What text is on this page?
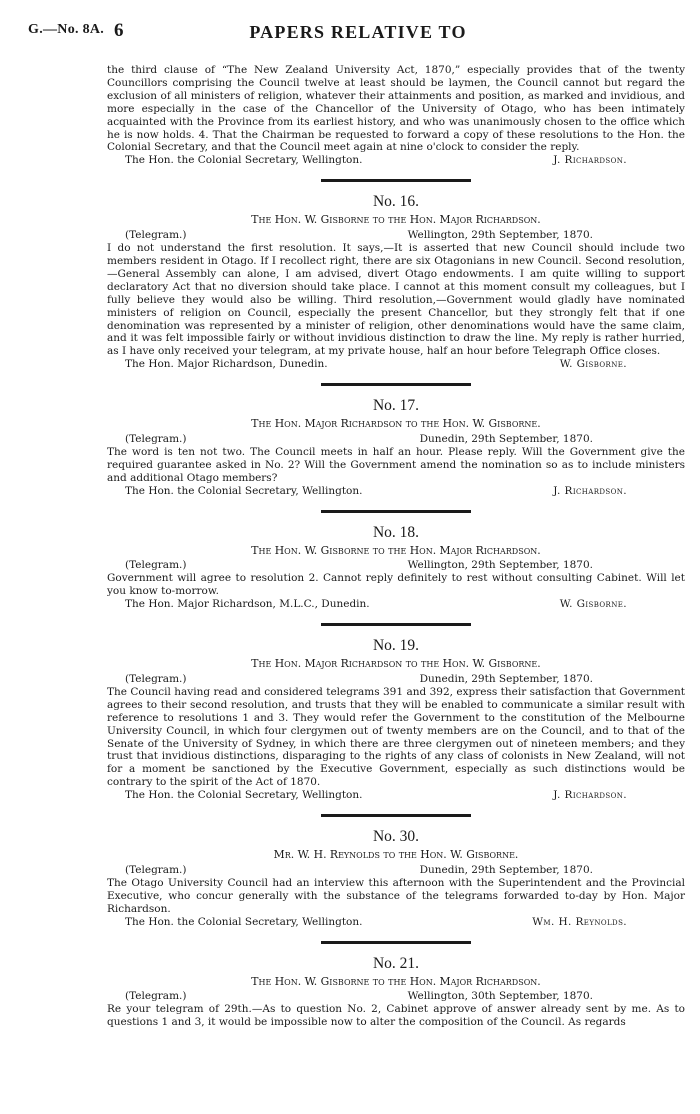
G.—No. 8A. 6	PAPERS RELATIVE TO

the third clause of “The New Zealand University Act, 1870,” especially provides that of the twenty Councillors comprising the Council twelve at least should be laymen, the Council cannot but regard the exclusion of all ministers of religion, whatever their attainments and position, as marked and invidious, and more especially in the case of the Chancellor of the University of Otago, who has been intimately acquainted with the Province from its earliest history, and who was unanimously chosen to the office which he is now holds. 4. That the Chairman be requested to forward a copy of these resolutions to the Hon. the Colonial Secretary, and that the Council meet again at nine o'clock to consider the reply.

The Hon. the Colonial Secretary, Wellington.	J. Richardson.
No. 16.
The Hon. W. Gisborne to the Hon. Major Richardson.
(Telegram.)	Wellington, 29th September, 1870.

I do not understand the first resolution. It says,—It is asserted that new Council should include two members resident in Otago. If I recollect right, there are six Otagonians in new Council. Second resolution,—General Assembly can alone, I am advised, divert Otago endowments. I am quite willing to support declaratory Act that no diversion should take place. I cannot at this moment consult my colleagues, but I fully believe they would also be willing. Third resolution,—Government would gladly have nominated ministers of religion on Council, especially the present Chancellor, but they strongly felt that if one denomination was represented by a minister of religion, other denominations would have the same claim, and it was felt impossible fairly or without invidious distinction to draw the line. My reply is rather hurried, as I have only received your telegram, at my private house, half an hour before Telegraph Office closes.

The Hon. Major Richardson, Dunedin.	W. Gisborne.
No. 17.
The Hon. Major Richardson to the Hon. W. Gisborne.
(Telegram.)	Dunedin, 29th September, 1870.

The word is ten not two. The Council meets in half an hour. Please reply. Will the Government give the required guarantee asked in No. 2? Will the Government amend the nomination so as to include ministers and additional Otago members?

The Hon. the Colonial Secretary, Wellington.	J. Richardson.
No. 18.
The Hon. W. Gisborne to the Hon. Major Richardson.
(Telegram.)	Wellington, 29th September, 1870.

Government will agree to resolution 2. Cannot reply definitely to rest without consulting Cabinet. Will let you know to-morrow.

The Hon. Major Richardson, M.L.C., Dunedin.	W. Gisborne.
No. 19.
The Hon. Major Richardson to the Hon. W. Gisborne.
(Telegram.)	Dunedin, 29th September, 1870.

The Council having read and considered telegrams 391 and 392, express their satisfaction that Government agrees to their second resolution, and trusts that they will be enabled to communicate a similar result with reference to resolutions 1 and 3. They would refer the Government to the constitution of the Melbourne University Council, in which four clergymen out of twenty members are on the Council, and to that of the Senate of the University of Sydney, in which there are three clergymen out of nineteen members; and they trust that invidious distinctions, disparaging to the rights of any class of colonists in New Zealand, will not for a moment be sanctioned by the Executive Government, especially as such distinctions would be contrary to the spirit of the Act of 1870.

The Hon. the Colonial Secretary, Wellington.	J. Richardson.
No. 30.
Mr. W. H. Reynolds to the Hon. W. Gisborne.
(Telegram.)	Dunedin, 29th September, 1870.

The Otago University Council had an interview this afternoon with the Superintendent and the Provincial Executive, who concur generally with the substance of the telegrams forwarded to-day by Hon. Major Richardson.

The Hon. the Colonial Secretary, Wellington.	Wm. H. Reynolds.
No. 21.
The Hon. W. Gisborne to the Hon. Major Richardson.
(Telegram.)	Wellington, 30th September, 1870.

Re your telegram of 29th.—As to question No. 2, Cabinet approve of answer already sent by me. As to questions 1 and 3, it would be impossible now to alter the composition of the Council. As regards
